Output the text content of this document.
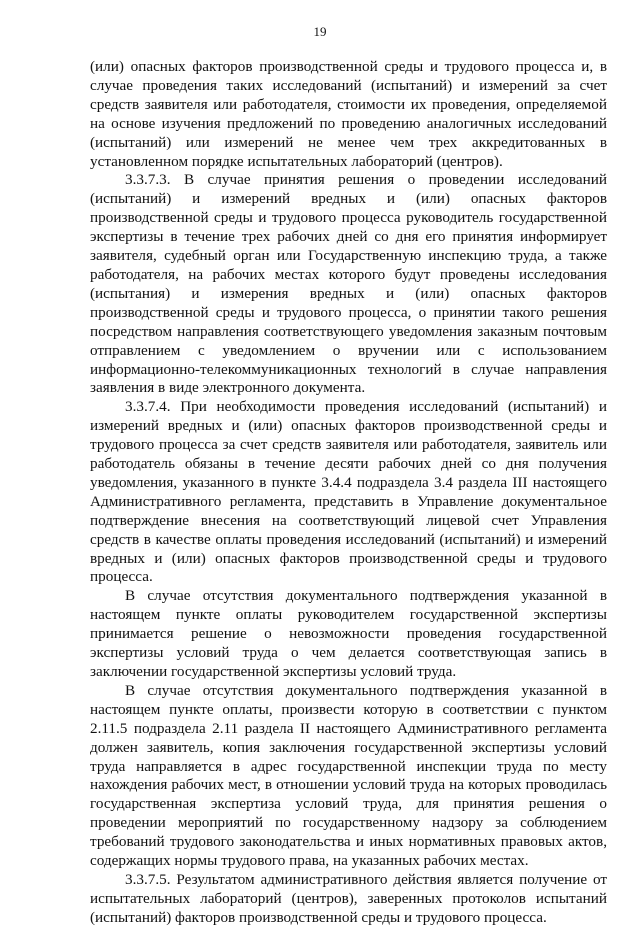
19

(или) опасных факторов производственной среды и трудового процесса и, в случае проведения таких исследований (испытаний) и измерений за счет средств заявителя или работодателя, стоимости их проведения, определяемой на основе изучения предложений по проведению аналогичных исследований (испытаний) или измерений не менее чем трех аккредитованных в установленном порядке испытательных лабораторий (центров).

3.3.7.3. В случае принятия решения о проведении исследований (испытаний) и измерений вредных и (или) опасных факторов производственной среды и трудового процесса руководитель государственной экспертизы в течение трех рабочих дней со дня его принятия информирует заявителя, судебный орган или Государственную инспекцию труда, а также работодателя, на рабочих местах которого будут проведены исследования (испытания) и измерения вредных и (или) опасных факторов производственной среды и трудового процесса, о принятии такого решения посредством направления соответствующего уведомления заказным почтовым отправлением с уведомлением о вручении или с использованием информационно-телекоммуникационных технологий в случае направления заявления в виде электронного документа.

3.3.7.4. При необходимости проведения исследований (испытаний) и измерений вредных и (или) опасных факторов производственной среды и трудового процесса за счет средств заявителя или работодателя, заявитель или работодатель обязаны в течение десяти рабочих дней со дня получения уведомления, указанного в пункте 3.4.4 подраздела 3.4 раздела III настоящего Административного регламента, представить в Управление документальное подтверждение внесения на соответствующий лицевой счет Управления средств в качестве оплаты проведения исследований (испытаний) и измерений вредных и (или) опасных факторов производственной среды и трудового процесса.

В случае отсутствия документального подтверждения указанной в настоящем пункте оплаты руководителем государственной экспертизы принимается решение о невозможности проведения государственной экспертизы условий труда о чем делается соответствующая запись в заключении государственной экспертизы условий труда.

В случае отсутствия документального подтверждения указанной в настоящем пункте оплаты, произвести которую в соответствии с пунктом 2.11.5 подраздела 2.11 раздела II настоящего Административного регламента должен заявитель, копия заключения государственной экспертизы условий труда направляется в адрес государственной инспекции труда по месту нахождения рабочих мест, в отношении условий труда на которых проводилась государственная экспертиза условий труда, для принятия решения о проведении мероприятий по государственному надзору за соблюдением требований трудового законодательства и иных нормативных правовых актов, содержащих нормы трудового права, на указанных рабочих местах.

3.3.7.5. Результатом административного действия является получение от испытательных лабораторий (центров), заверенных протоколов испытаний (испытаний) факторов производственной среды и трудового процесса.
